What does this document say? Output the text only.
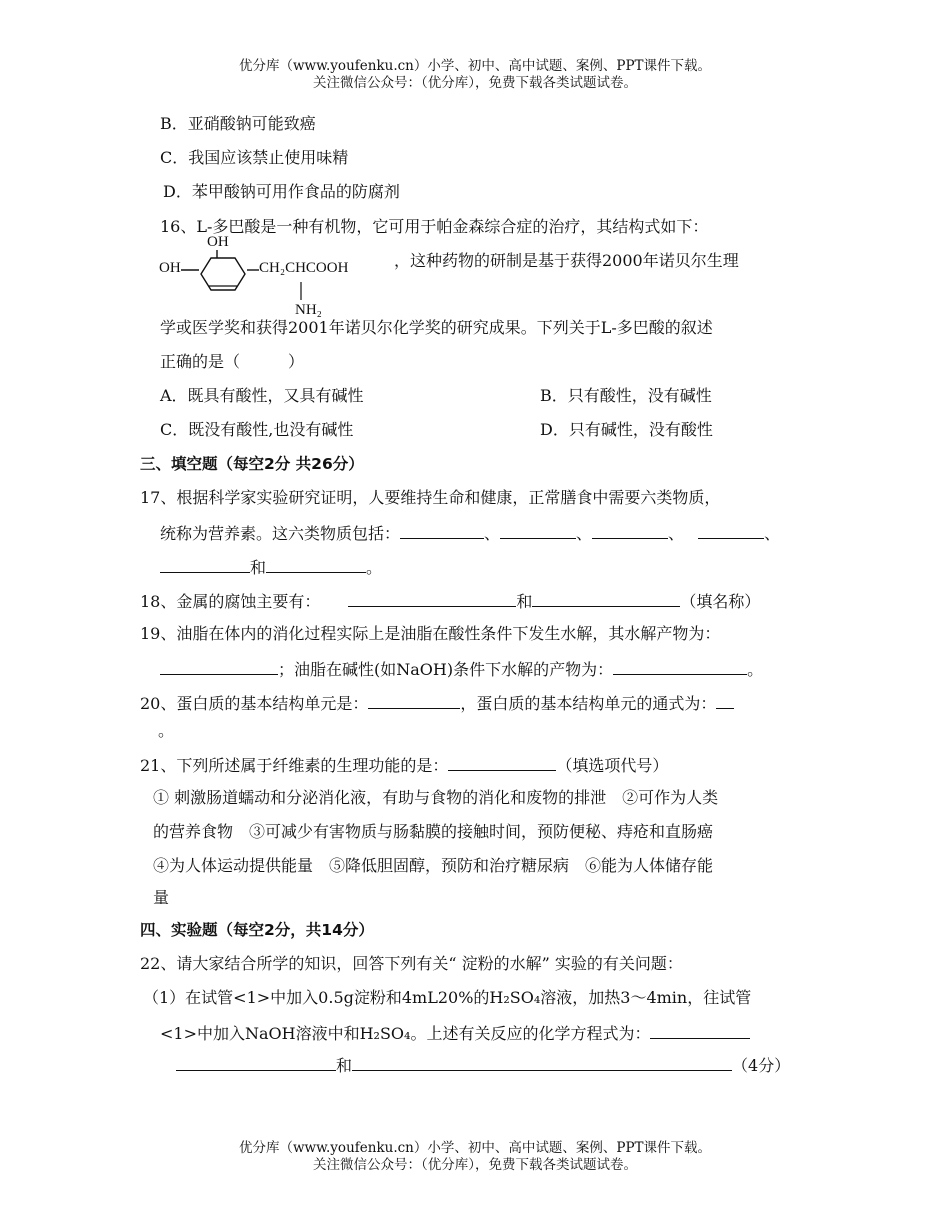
优分库（www.youfenku.cn）小学、初中、高中试题、案例、PPT课件下载。
关注微信公众号：（优分库），免费下载各类试题试卷。
B．亚硝酸钠可能致癌
C．我国应该禁止使用味精
D．苯甲酸钠可用作食品的防腐剂
16、L-多巴酸是一种有机物，它可用于帕金森综合症的治疗，其结构式如下：
OH
OH	CH₂CHCOOH
NH₂
，这种药物的研制是基于获得2000年诺贝尔生理
学或医学奖和获得2001年诺贝尔化学奖的研究成果。下列关于L-多巴酸的叙述
正确的是（　　　）
A．既具有酸性，又具有碱性	B．只有酸性，没有碱性
C．既没有酸性,也没有碱性	D．只有碱性，没有酸性
三、填空题（每空2分 共26分）
17、根据科学家实验研究证明，人要维持生命和健康，正常膳食中需要六类物质，
统称为营养素。这六类物质包括：	、	、	、	、
和	。
18、金属的腐蚀主要有：	和	（填名称）
19、油脂在体内的消化过程实际上是油脂在酸性条件下发生水解，其水解产物为：
；油脂在碱性(如NaOH)条件下水解的产物为：	。
20、蛋白质的基本结构单元是：	，蛋白质的基本结构单元的通式为：
。
21、下列所述属于纤维素的生理功能的是：	（填选项代号）
① 刺激肠道蠕动和分泌消化液，有助与食物的消化和废物的排泄　②可作为人类
的营养食物　③可减少有害物质与肠黏膜的接触时间，预防便秘、痔疮和直肠癌
④为人体运动提供能量　⑤降低胆固醇，预防和治疗糖尿病　⑥能为人体储存能
量
四、实验题（每空2分，共14分）
22、请大家结合所学的知识，回答下列有关“ 淀粉的水解” 实验的有关问题：
（1）在试管<1>中加入0.5g淀粉和4mL20%的H₂SO₄溶液，加热3～4min，往试管
<1>中加入NaOH溶液中和H₂SO₄。上述有关反应的化学方程式为：
和	（4分）
优分库（www.youfenku.cn）小学、初中、高中试题、案例、PPT课件下载。
关注微信公众号：（优分库），免费下载各类试题试卷。
